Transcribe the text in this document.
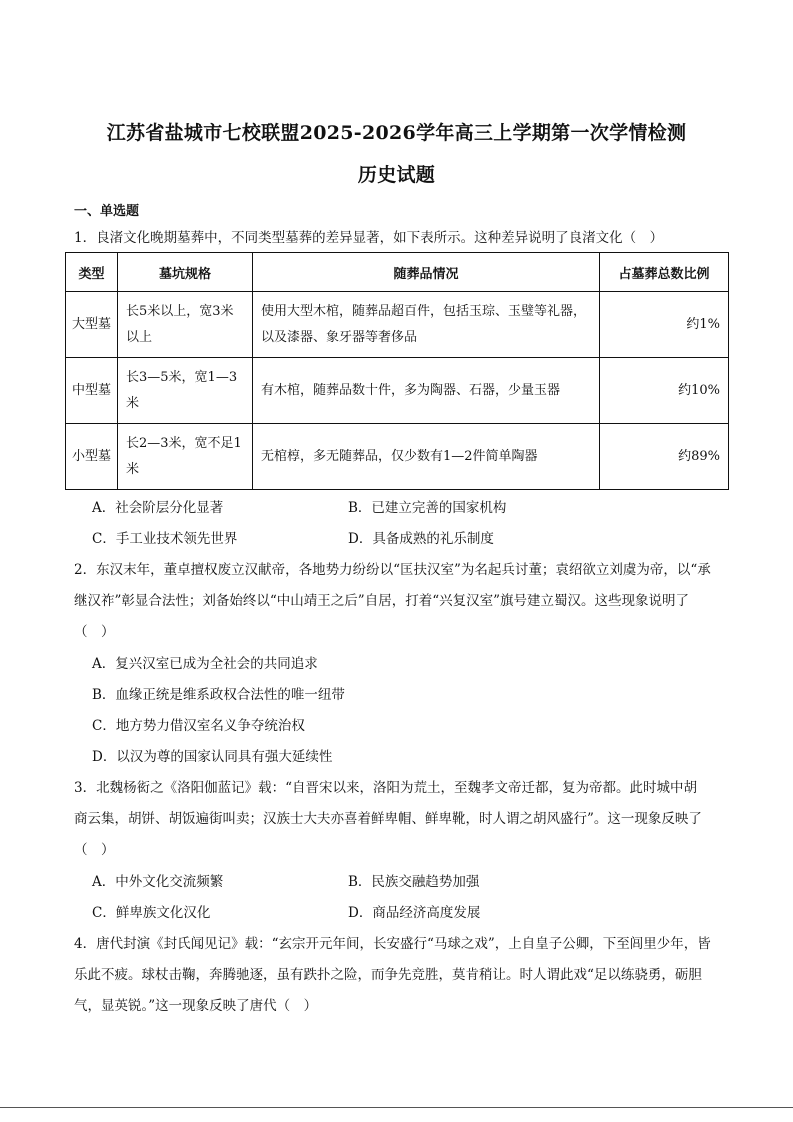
江苏省盐城市七校联盟2025-2026学年高三上学期第一次学情检测
历史试题
一、单选题
1．良渚文化晚期墓葬中，不同类型墓葬的差异显著，如下表所示。这种差异说明了良渚文化（　）
类型	墓坑规格	随葬品情况	占墓葬总数比例
大型墓	长5米以上，宽3米以上	使用大型木棺，随葬品超百件，包括玉琮、玉璧等礼器，以及漆器、象牙器等奢侈品	约1%
中型墓	长3—5米，宽1—3米	有木棺，随葬品数十件，多为陶器、石器，少量玉器	约10%
小型墓	长2—3米，宽不足1米	无棺椁，多无随葬品，仅少数有1—2件简单陶器	约89%
A．社会阶层分化显著	B．已建立完善的国家机构
C．手工业技术领先世界	D．具备成熟的礼乐制度
2．东汉末年，董卓擅权废立汉献帝，各地势力纷纷以“匡扶汉室”为名起兵讨董；袁绍欲立刘虞为帝，以“承
继汉祚”彰显合法性；刘备始终以“中山靖王之后”自居，打着“兴复汉室”旗号建立蜀汉。这些现象说明了
（　）
A．复兴汉室已成为全社会的共同追求
B．血缘正统是维系政权合法性的唯一纽带
C．地方势力借汉室名义争夺统治权
D．以汉为尊的国家认同具有强大延续性
3．北魏杨衒之《洛阳伽蓝记》载：“自晋宋以来，洛阳为荒土，至魏孝文帝迁都，复为帝都。此时城中胡
商云集，胡饼、胡饭遍街叫卖；汉族士大夫亦喜着鲜卑帽、鲜卑靴，时人谓之胡风盛行”。这一现象反映了
（　）
A．中外文化交流频繁	B．民族交融趋势加强
C．鲜卑族文化汉化	D．商品经济高度发展
4．唐代封演《封氏闻见记》载：“玄宗开元年间，长安盛行“马球之戏”，上自皇子公卿，下至闾里少年，皆
乐此不疲。球杖击鞠，奔腾驰逐，虽有跌扑之险，而争先竞胜，莫肯稍让。时人谓此戏“足以练骁勇，砺胆
气，显英锐。”这一现象反映了唐代（　）
